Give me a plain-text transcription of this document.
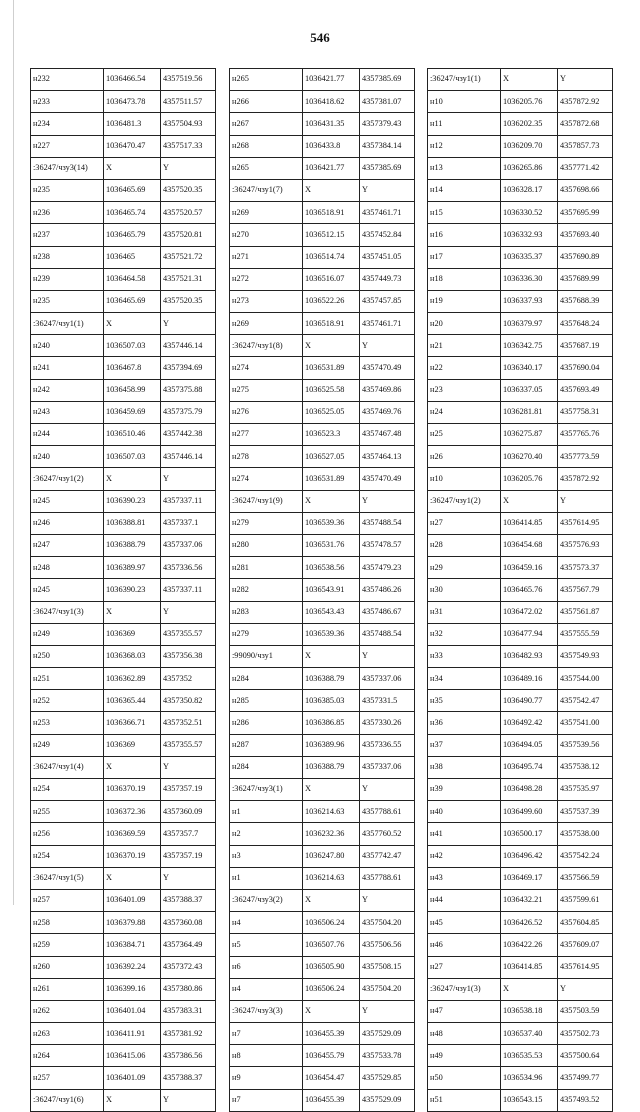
546
н232	1036466.54	4357519.56
н233	1036473.78	4357511.57
н234	1036481.3	4357504.93
н227	1036470.47	4357517.33
:36247/чзу3(14)	X	Y
н235	1036465.69	4357520.35
н236	1036465.74	4357520.57
н237	1036465.79	4357520.81
н238	1036465	4357521.72
н239	1036464.58	4357521.31
н235	1036465.69	4357520.35
:36247/чзу1(1)	X	Y
н240	1036507.03	4357446.14
н241	1036467.8	4357394.69
н242	1036458.99	4357375.88
н243	1036459.69	4357375.79
н244	1036510.46	4357442.38
н240	1036507.03	4357446.14
:36247/чзу1(2)	X	Y
н245	1036390.23	4357337.11
н246	1036388.81	4357337.1
н247	1036388.79	4357337.06
н248	1036389.97	4357336.56
н245	1036390.23	4357337.11
:36247/чзу1(3)	X	Y
н249	1036369	4357355.57
н250	1036368.03	4357356.38
н251	1036362.89	4357352
н252	1036365.44	4357350.82
н253	1036366.71	4357352.51
н249	1036369	4357355.57
:36247/чзу1(4)	X	Y
н254	1036370.19	4357357.19
н255	1036372.36	4357360.09
н256	1036369.59	4357357.7
н254	1036370.19	4357357.19
:36247/чзу1(5)	X	Y
н257	1036401.09	4357388.37
н258	1036379.88	4357360.08
н259	1036384.71	4357364.49
н260	1036392.24	4357372.43
н261	1036399.16	4357380.86
н262	1036401.04	4357383.31
н263	1036411.91	4357381.92
н264	1036415.06	4357386.56
н257	1036401.09	4357388.37
:36247/чзу1(6)	X	Y
н265	1036421.77	4357385.69
н266	1036418.62	4357381.07
н267	1036431.35	4357379.43
н268	1036433.8	4357384.14
н265	1036421.77	4357385.69
:36247/чзу1(7)	X	Y
н269	1036518.91	4357461.71
н270	1036512.15	4357452.84
н271	1036514.74	4357451.05
н272	1036516.07	4357449.73
н273	1036522.26	4357457.85
н269	1036518.91	4357461.71
:36247/чзу1(8)	X	Y
н274	1036531.89	4357470.49
н275	1036525.58	4357469.86
н276	1036525.05	4357469.76
н277	1036523.3	4357467.48
н278	1036527.05	4357464.13
н274	1036531.89	4357470.49
:36247/чзу1(9)	X	Y
н279	1036539.36	4357488.54
н280	1036531.76	4357478.57
н281	1036538.56	4357479.23
н282	1036543.91	4357486.26
н283	1036543.43	4357486.67
н279	1036539.36	4357488.54
:99090/чзу1	X	Y
н284	1036388.79	4357337.06
н285	1036385.03	4357331.5
н286	1036386.85	4357330.26
н287	1036389.96	4357336.55
н284	1036388.79	4357337.06
:36247/чзу3(1)	X	Y
н1	1036214.63	4357788.61
н2	1036232.36	4357760.52
н3	1036247.80	4357742.47
н1	1036214.63	4357788.61
:36247/чзу3(2)	X	Y
н4	1036506.24	4357504.20
н5	1036507.76	4357506.56
н6	1036505.90	4357508.15
н4	1036506.24	4357504.20
:36247/чзу3(3)	X	Y
н7	1036455.39	4357529.09
н8	1036455.79	4357533.78
н9	1036454.47	4357529.85
н7	1036455.39	4357529.09
:36247/чзу1(1)	X	Y
н10	1036205.76	4357872.92
н11	1036202.35	4357872.68
н12	1036209.70	4357857.73
н13	1036265.86	4357771.42
н14	1036328.17	4357698.66
н15	1036330.52	4357695.99
н16	1036332.93	4357693.40
н17	1036335.37	4357690.89
н18	1036336.30	4357689.99
н19	1036337.93	4357688.39
н20	1036379.97	4357648.24
н21	1036342.75	4357687.19
н22	1036340.17	4357690.04
н23	1036337.05	4357693.49
н24	1036281.81	4357758.31
н25	1036275.87	4357765.76
н26	1036270.40	4357773.59
н10	1036205.76	4357872.92
:36247/чзу1(2)	X	Y
н27	1036414.85	4357614.95
н28	1036454.68	4357576.93
н29	1036459.16	4357573.37
н30	1036465.76	4357567.79
н31	1036472.02	4357561.87
н32	1036477.94	4357555.59
н33	1036482.93	4357549.93
н34	1036489.16	4357544.00
н35	1036490.77	4357542.47
н36	1036492.42	4357541.00
н37	1036494.05	4357539.56
н38	1036495.74	4357538.12
н39	1036498.28	4357535.97
н40	1036499.60	4357537.39
н41	1036500.17	4357538.00
н42	1036496.42	4357542.24
н43	1036469.17	4357566.59
н44	1036432.21	4357599.61
н45	1036426.52	4357604.85
н46	1036422.26	4357609.07
н27	1036414.85	4357614.95
:36247/чзу1(3)	X	Y
н47	1036538.18	4357503.59
н48	1036537.40	4357502.73
н49	1036535.53	4357500.64
н50	1036534.96	4357499.77
н51	1036543.15	4357493.52
